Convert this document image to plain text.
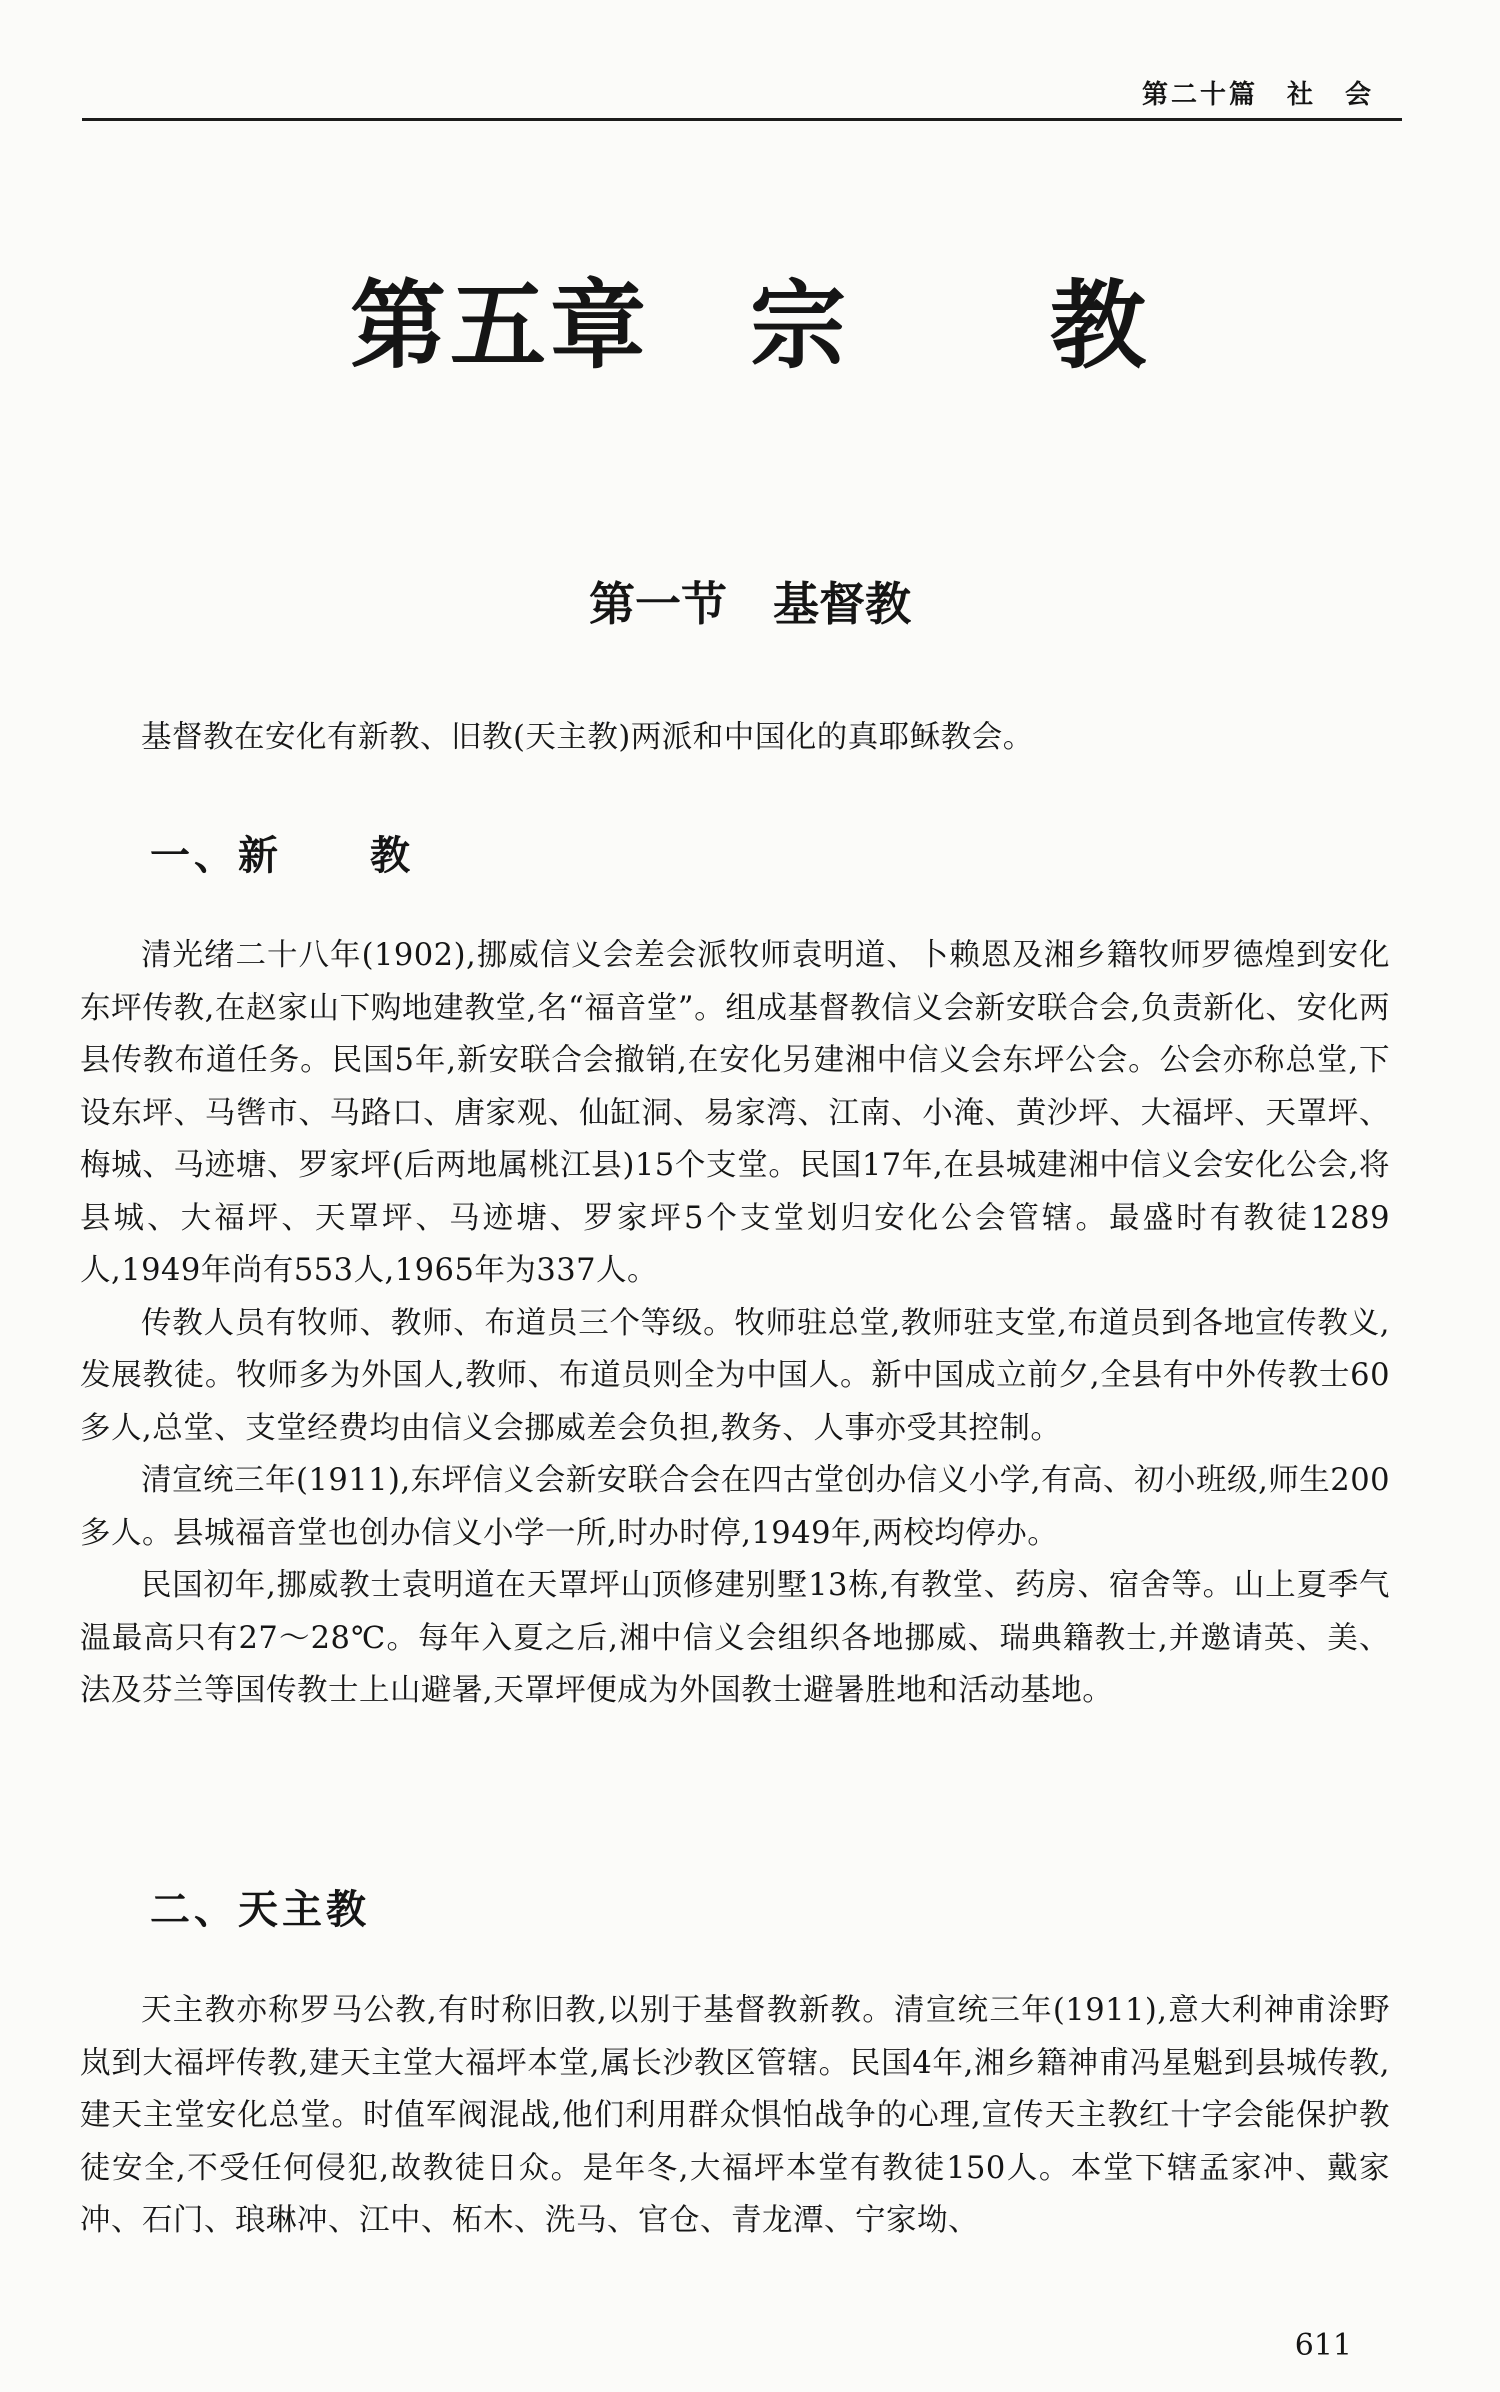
第二十篇　社　会
第五章　宗　　教
第一节　基督教

基督教在安化有新教、旧教(天主教)两派和中国化的真耶稣教会。

一、新　　教

清光绪二十八年(1902),挪威信义会差会派牧师袁明道、卜赖恩及湘乡籍牧师罗德煌到安化东坪传教,在赵家山下购地建教堂,名“福音堂”。组成基督教信义会新安联合会,负责新化、安化两县传教布道任务。民国5年,新安联合会撤销,在安化另建湘中信义会东坪公会。公会亦称总堂,下设东坪、马辔市、马路口、唐家观、仙缸洞、易家湾、江南、小淹、黄沙坪、大福坪、天罩坪、梅城、马迹塘、罗家坪(后两地属桃江县)15个支堂。民国17年,在县城建湘中信义会安化公会,将县城、大福坪、天罩坪、马迹塘、罗家坪5个支堂划归安化公会管辖。最盛时有教徒1289人,1949年尚有553人,1965年为337人。

传教人员有牧师、教师、布道员三个等级。牧师驻总堂,教师驻支堂,布道员到各地宣传教义,发展教徒。牧师多为外国人,教师、布道员则全为中国人。新中国成立前夕,全县有中外传教士60多人,总堂、支堂经费均由信义会挪威差会负担,教务、人事亦受其控制。

清宣统三年(1911),东坪信义会新安联合会在四古堂创办信义小学,有高、初小班级,师生200多人。县城福音堂也创办信义小学一所,时办时停,1949年,两校均停办。

民国初年,挪威教士袁明道在天罩坪山顶修建别墅13栋,有教堂、药房、宿舍等。山上夏季气温最高只有27～28℃。每年入夏之后,湘中信义会组织各地挪威、瑞典籍教士,并邀请英、美、法及芬兰等国传教士上山避暑,天罩坪便成为外国教士避暑胜地和活动基地。

二、天主教

天主教亦称罗马公教,有时称旧教,以别于基督教新教。清宣统三年(1911),意大利神甫涂野岚到大福坪传教,建天主堂大福坪本堂,属长沙教区管辖。民国4年,湘乡籍神甫冯星魁到县城传教,建天主堂安化总堂。时值军阀混战,他们利用群众惧怕战争的心理,宣传天主教红十字会能保护教徒安全,不受任何侵犯,故教徒日众。是年冬,大福坪本堂有教徒150人。本堂下辖孟家冲、戴家冲、石门、琅琳冲、江中、柘木、洗马、官仓、青龙潭、宁家坳、

611
